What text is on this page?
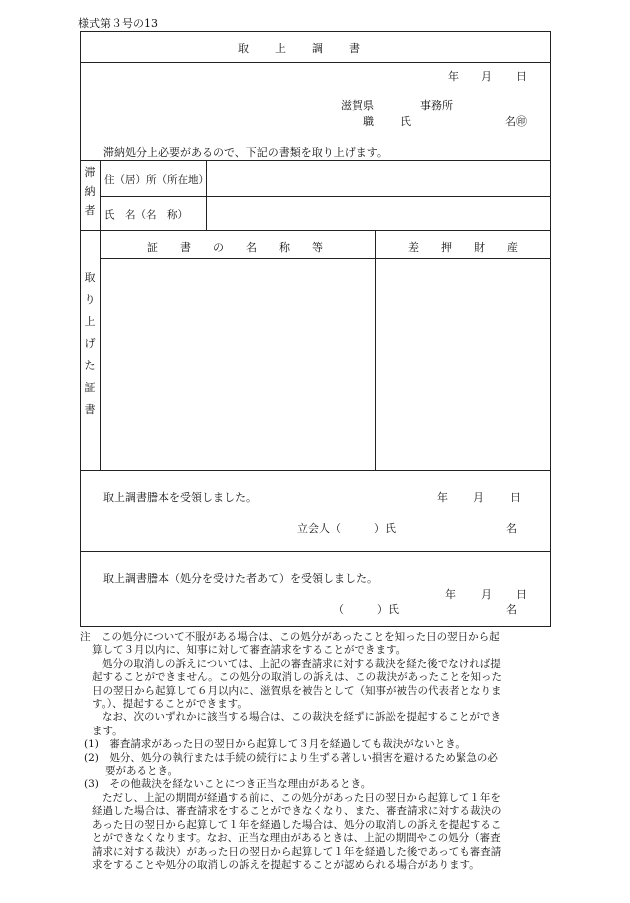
様式第３号の13
取上調書
年 月 日
滋賀県	事務所
職 氏	名㊞
滞納処分上必要があるので、下記の書類を取り上げます。
滞
納
者
住（居）所（所在地）
氏　名（名　称）
取
り
上
げ
た
証
書
証書の名称等	差押財産
取上調書謄本を受領しました。	年 月 日
立会人（　　　）氏	名
取上調書謄本（処分を受けた者あて）を受領しました。
年 月 日
（　　　）氏	名

注　この処分について不服がある場合は、この処分があったことを知った日の翌日から起

算して３月以内に、知事に対して審査請求をすることができます。

処分の取消しの訴えについては、上記の審査請求に対する裁決を経た後でなければ提

起することができません。この処分の取消しの訴えは、この裁決があったことを知った

日の翌日から起算して６月以内に、滋賀県を被告として（知事が被告の代表者となりま

す。）、提起することができます。

なお、次のいずれかに該当する場合は、この裁決を経ずに訴訟を提起することができ

ます。

(1)　審査請求があった日の翌日から起算して３月を経過しても裁決がないとき。

(2)　処分、処分の執行または手続の続行により生ずる著しい損害を避けるため緊急の必

要があるとき。

(3)　その他裁決を経ないことにつき正当な理由があるとき。

ただし、上記の期間が経過する前に、この処分があった日の翌日から起算して１年を

経過した場合は、審査請求をすることができなくなり、また、審査請求に対する裁決の

あった日の翌日から起算して１年を経過した場合は、処分の取消しの訴えを提起するこ

とができなくなります。なお、正当な理由があるときは、上記の期間やこの処分（審査

請求に対する裁決）があった日の翌日から起算して１年を経過した後であっても審査請

求をすることや処分の取消しの訴えを提起することが認められる場合があります。
